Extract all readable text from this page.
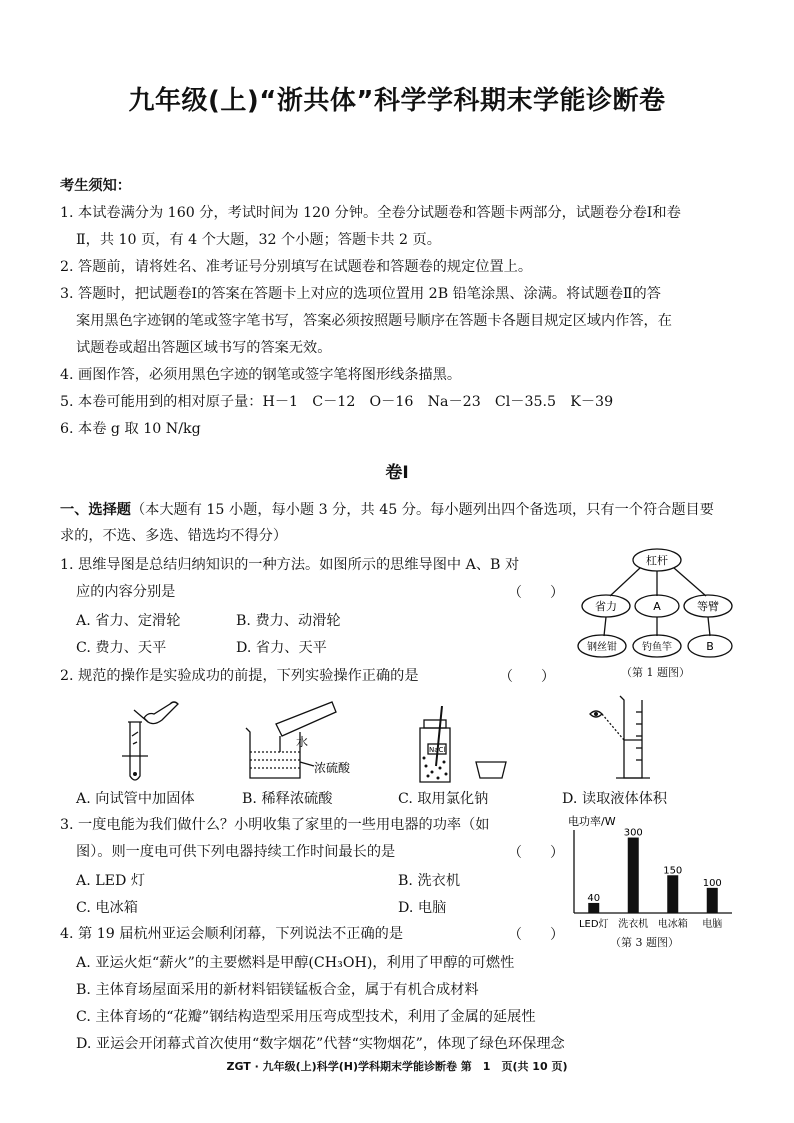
九年级(上)“浙共体”科学学科期末学能诊断卷
考生须知：
1. 本试卷满分为 160 分，考试时间为 120 分钟。全卷分试题卷和答题卡两部分，试题卷分卷Ⅰ和卷
Ⅱ，共 10 页，有 4 个大题，32 个小题；答题卡共 2 页。
2. 答题前，请将姓名、准考证号分别填写在试题卷和答题卷的规定位置上。
3. 答题时，把试题卷Ⅰ的答案在答题卡上对应的选项位置用 2B 铅笔涂黑、涂满。将试题卷Ⅱ的答
案用黑色字迹钢的笔或签字笔书写，答案必须按照题号顺序在答题卡各题目规定区域内作答，在
试题卷或超出答题区域书写的答案无效。
4. 画图作答，必须用黑色字迹的钢笔或签字笔将图形线条描黑。
5. 本卷可能用到的相对原子量：H－1　C－12　O－16　Na－23　Cl－35.5　K－39
6. 本卷 g 取 10 N/kg
卷Ⅰ
一、选择题（本大题有 15 小题，每小题 3 分，共 45 分。每小题列出四个备选项，只有一个符合题目要
求的，不选、多选、错选均不得分）
1. 思维导图是总结归纳知识的一种方法。如图所示的思维导图中 A、B 对
应的内容分别是	（　　）
A. 省力、定滑轮	B. 费力、动滑轮
C. 费力、天平	D. 省力、天平
杠杆
省力	A	等臂
钢丝钳	钓鱼竿	B
（第 1 题图）
2. 规范的操作是实验成功的前提，下列实验操作正确的是	（　　）
水
浓硫酸
NaCl
A. 向试管中加固体	B. 稀释浓硫酸	C. 取用氯化钠	D. 读取液体体积
3. 一度电能为我们做什么？小明收集了家里的一些用电器的功率（如
图）。则一度电可供下列电器持续工作时间最长的是	（　　）
A. LED 灯	B. 洗衣机
C. 电冰箱	D. 电脑
电功率/W
40
LED灯
300
洗衣机
150
电冰箱
100
电脑
（第 3 题图）
4. 第 19 届杭州亚运会顺利闭幕，下列说法不正确的是	（　　）
A. 亚运火炬“薪火”的主要燃料是甲醇(CH₃OH)，利用了甲醇的可燃性
B. 主体育场屋面采用的新材料铝镁锰板合金，属于有机合成材料
C. 主体育场的“花瓣”钢结构造型采用压弯成型技术，利用了金属的延展性
D. 亚运会开闭幕式首次使用“数字烟花”代替“实物烟花”，体现了绿色环保理念
ZGT · 九年级(上)科学(H)学科期末学能诊断卷 第　1　页(共 10 页)
